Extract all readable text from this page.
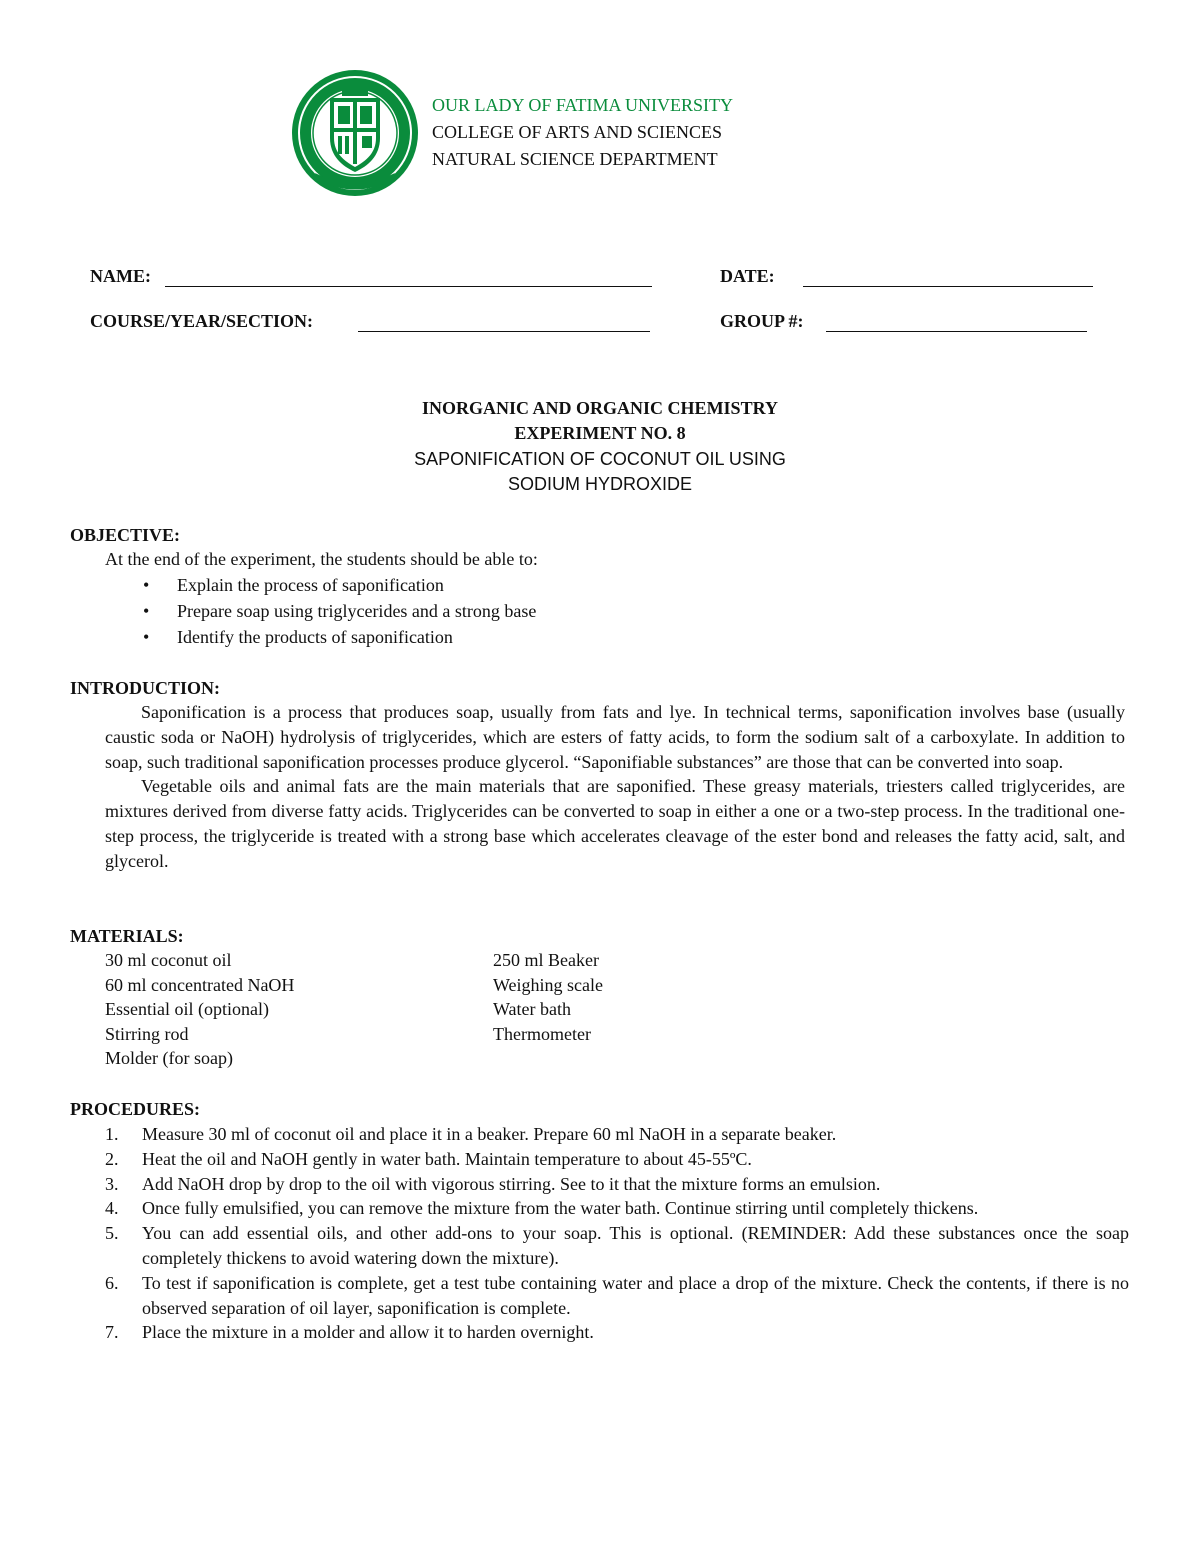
OUR LADY OF FATIMA UNIVERSITY
COLLEGE OF ARTS AND SCIENCES
NATURAL SCIENCE DEPARTMENT
NAME:	DATE:
COURSE/YEAR/SECTION:	GROUP #:
INORGANIC AND ORGANIC CHEMISTRY
EXPERIMENT NO. 8
SAPONIFICATION OF COCONUT OIL USING
SODIUM HYDROXIDE
OBJECTIVE:
At the end of the experiment, the students should be able to:
• Explain the process of saponification
• Prepare soap using triglycerides and a strong base
• Identify the products of saponification
INTRODUCTION:
Saponification is a process that produces soap, usually from fats and lye. In technical terms, saponification involves base (usually caustic soda or NaOH) hydrolysis of triglycerides, which are esters of fatty acids, to form the sodium salt of a carboxylate. In addition to soap, such traditional saponification processes produce glycerol. “Saponifiable substances” are those that can be converted into soap.
Vegetable oils and animal fats are the main materials that are saponified. These greasy materials, triesters called triglycerides, are mixtures derived from diverse fatty acids. Triglycerides can be converted to soap in either a one or a two-step process. In the traditional one-step process, the triglyceride is treated with a strong base which accelerates cleavage of the ester bond and releases the fatty acid, salt, and glycerol.
MATERIALS:
30 ml coconut oil
60 ml concentrated NaOH
Essential oil (optional)
Stirring rod
Molder (for soap)
250 ml Beaker
Weighing scale
Water bath
Thermometer
PROCEDURES:
1. Measure 30 ml of coconut oil and place it in a beaker. Prepare 60 ml NaOH in a separate beaker.
2. Heat the oil and NaOH gently in water bath. Maintain temperature to about 45-55ºC.
3. Add NaOH drop by drop to the oil with vigorous stirring. See to it that the mixture forms an emulsion.
4. Once fully emulsified, you can remove the mixture from the water bath. Continue stirring until completely thickens.
5. You can add essential oils, and other add-ons to your soap. This is optional. (REMINDER: Add these substances once the soap completely thickens to avoid watering down the mixture).
6. To test if saponification is complete, get a test tube containing water and place a drop of the mixture. Check the contents, if there is no observed separation of oil layer, saponification is complete.
7. Place the mixture in a molder and allow it to harden overnight.
